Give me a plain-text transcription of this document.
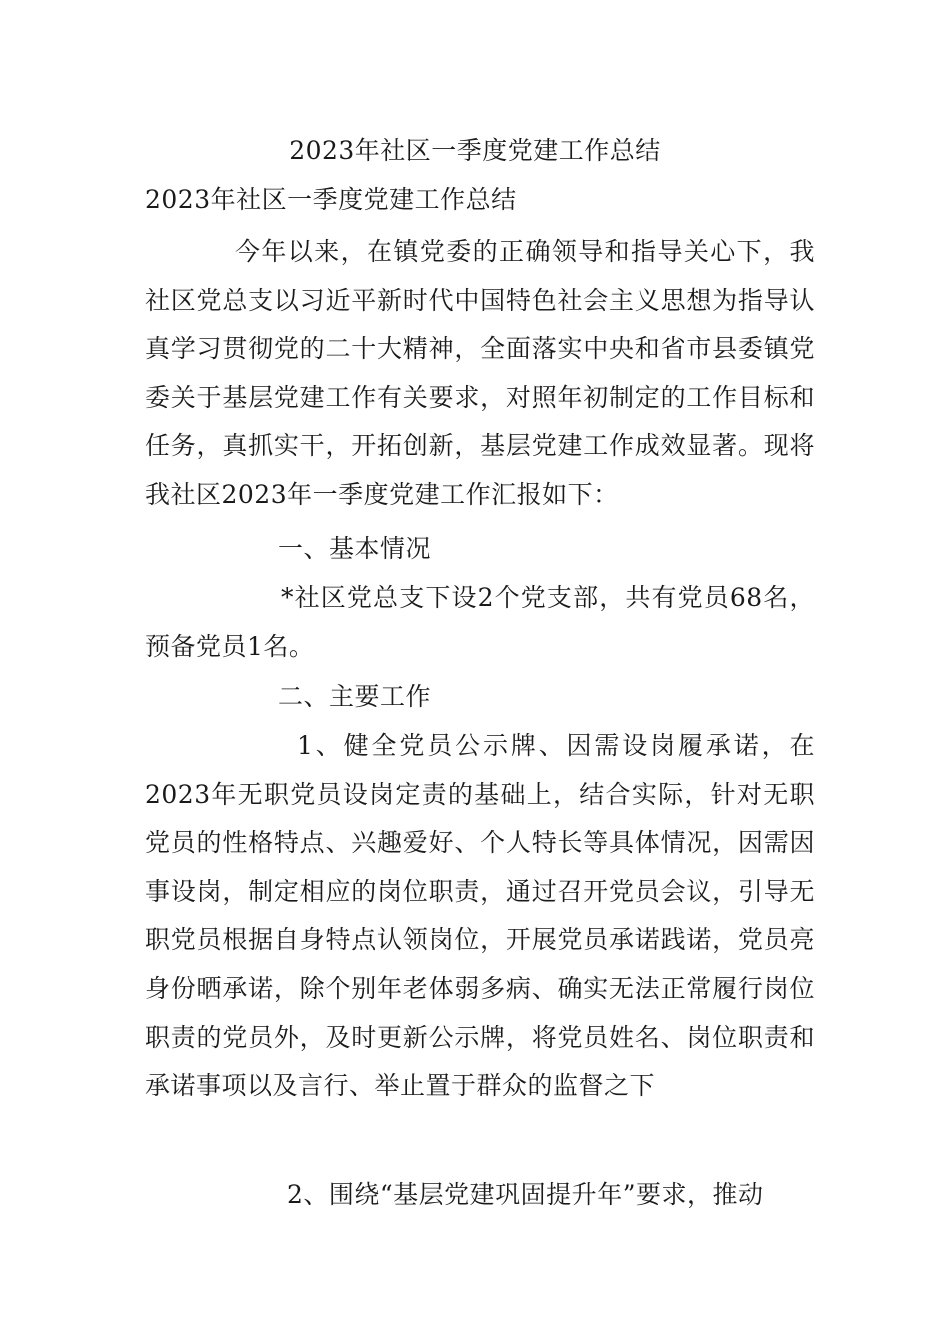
2023年社区一季度党建工作总结
2023年社区一季度党建工作总结
今年以来，在镇党委的正确领导和指导关心下，我社区党总支以习近平新时代中国特色社会主义思想为指导认真学习贯彻党的二十大精神，全面落实中央和省市县委镇党委关于基层党建工作有关要求，对照年初制定的工作目标和任务，真抓实干，开拓创新，基层党建工作成效显著。现将我社区2023年一季度党建工作汇报如下：
一、基本情况
*社区党总支下设2个党支部，共有党员68名，预备党员1名。
二、主要工作
1、健全党员公示牌、因需设岗履承诺，在2023年无职党员设岗定责的基础上，结合实际，针对无职党员的性格特点、兴趣爱好、个人特长等具体情况，因需因事设岗，制定相应的岗位职责，通过召开党员会议，引导无职党员根据自身特点认领岗位，开展党员承诺践诺，党员亮身份晒承诺，除个别年老体弱多病、确实无法正常履行岗位职责的党员外，及时更新公示牌，将党员姓名、岗位职责和承诺事项以及言行、举止置于群众的监督之下
2、围绕“基层党建巩固提升年”要求，推动
